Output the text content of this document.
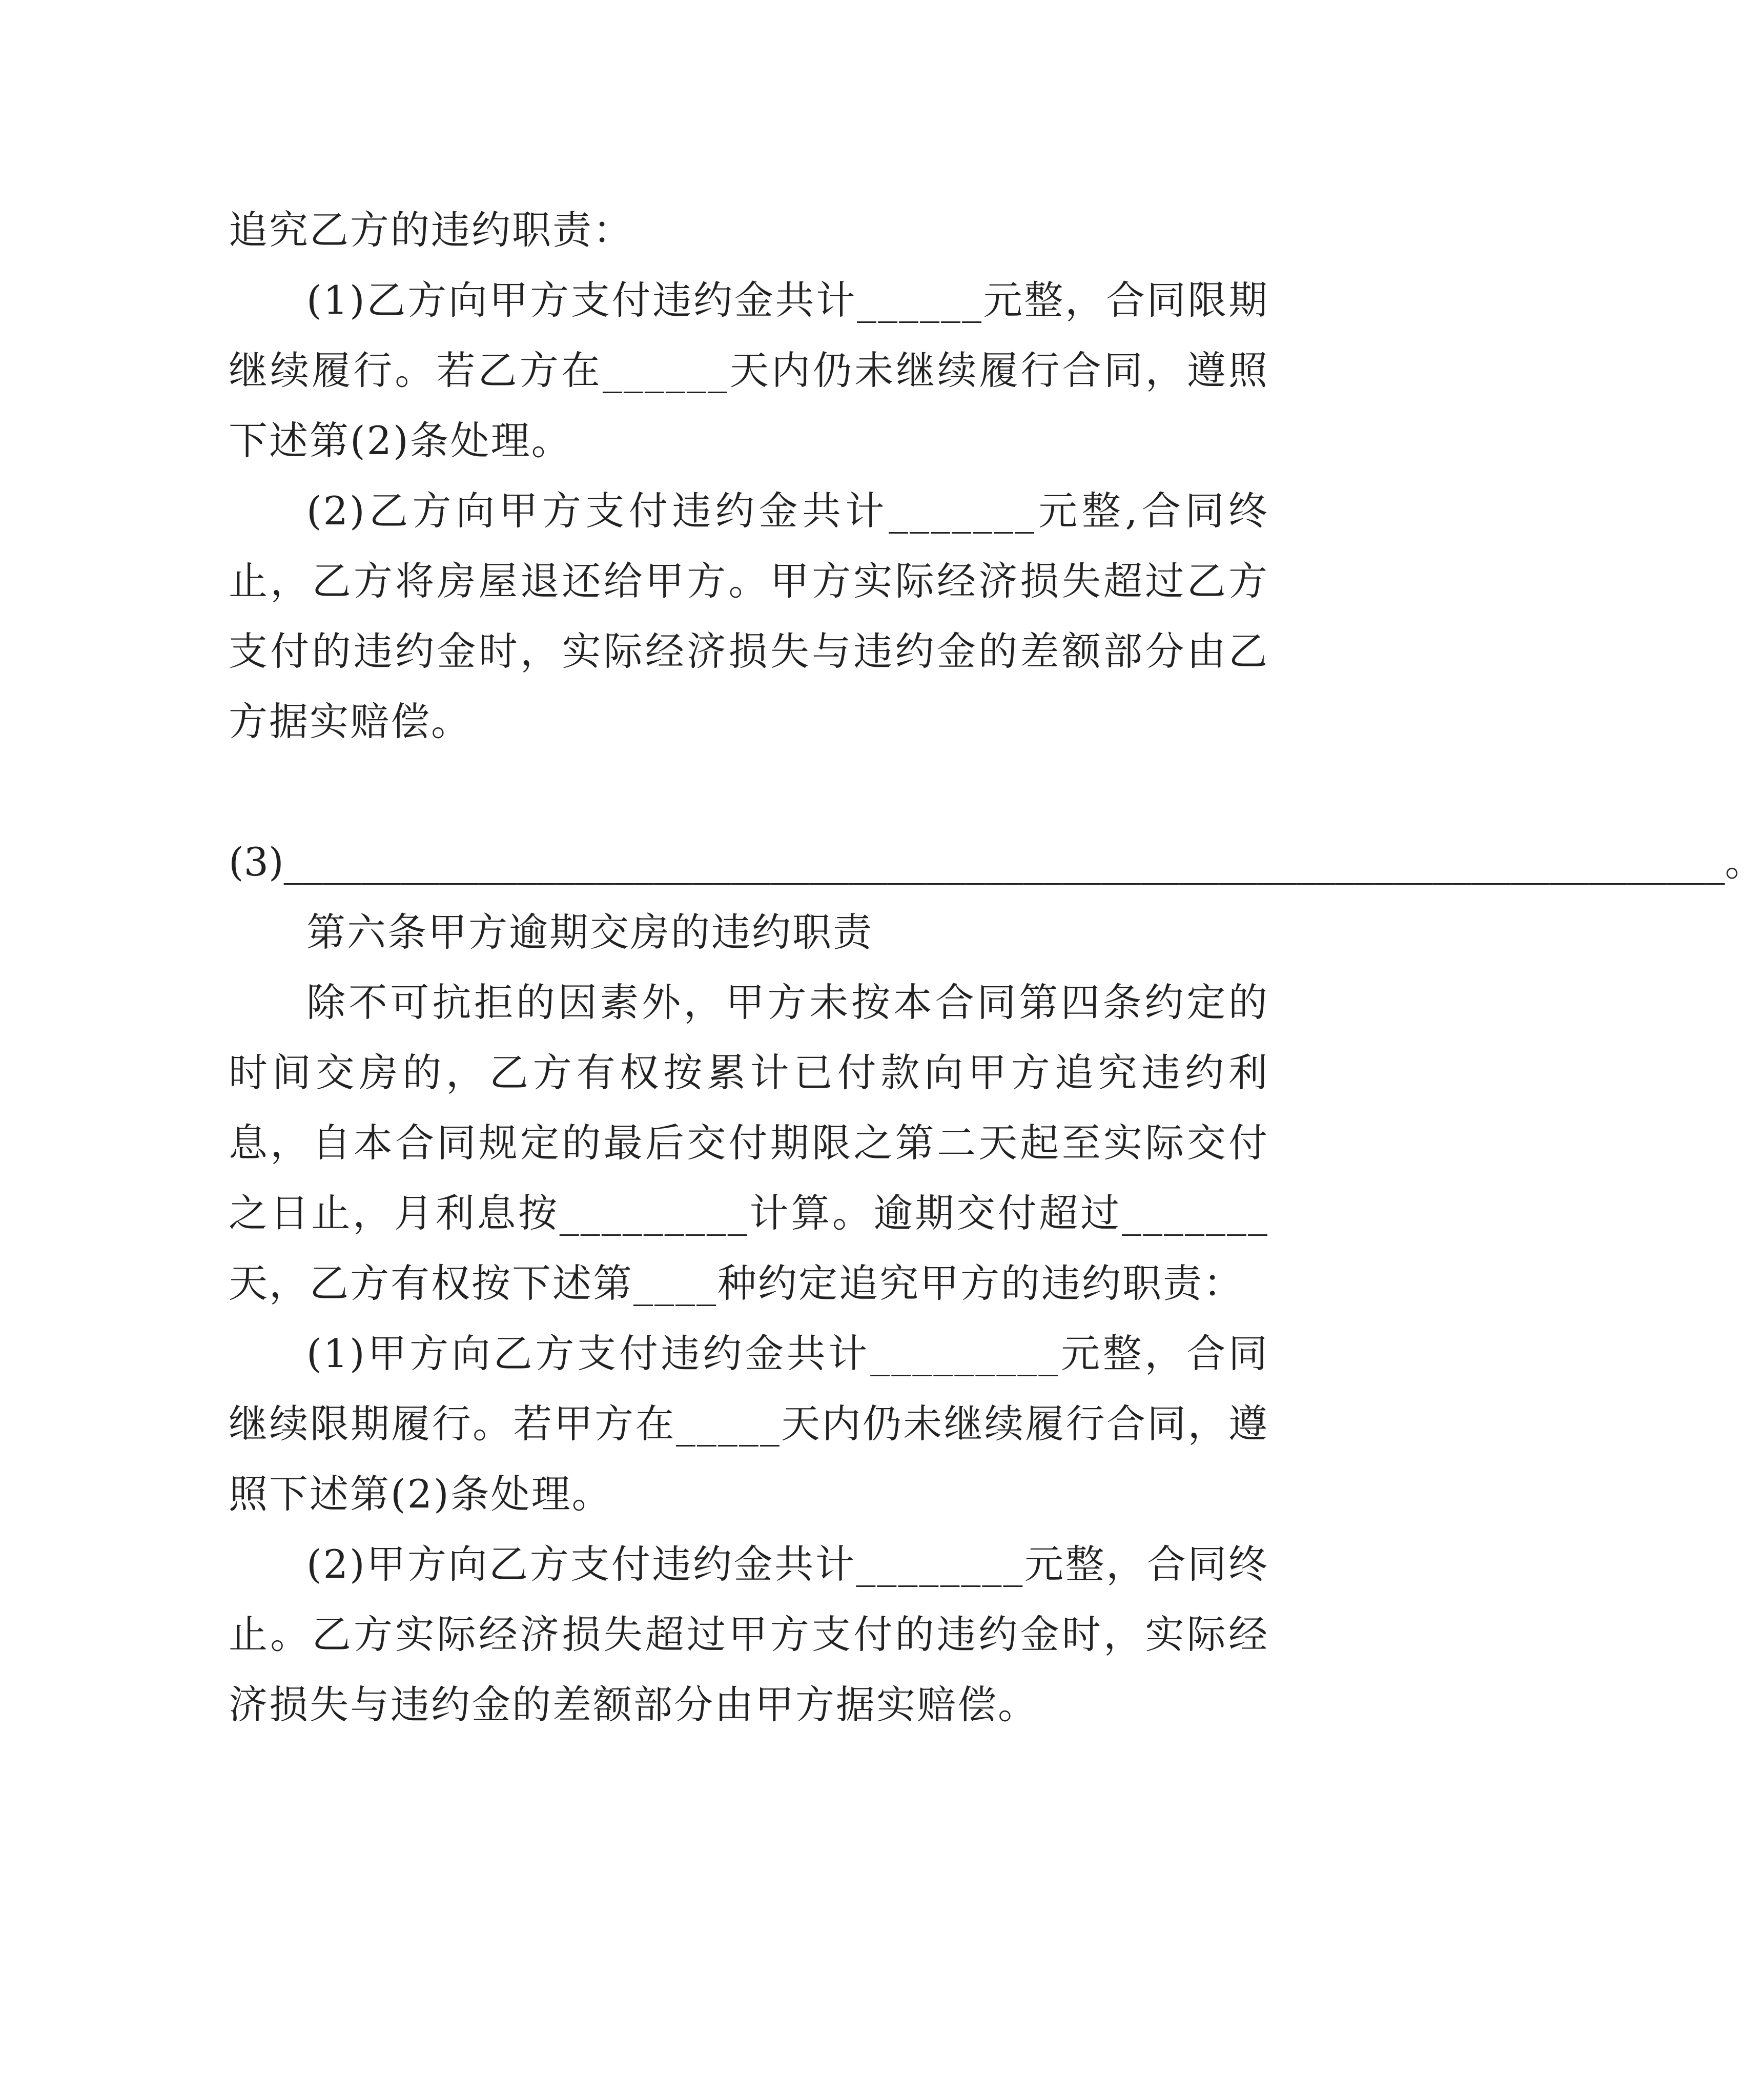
追究乙方的违约职责：

(1)乙方向甲方支付违约金共计______元整，合同限期继续履行。若乙方在______天内仍未继续履行合同，遵照下述第(2)条处理。

(2)乙方向甲方支付违约金共计_______元整,合同终止，乙方将房屋退还给甲方。甲方实际经济损失超过乙方支付的违约金时，实际经济损失与违约金的差额部分由乙方据实赔偿。

(3)__________________________________________________________________________。

第六条甲方逾期交房的违约职责

除不可抗拒的因素外，甲方未按本合同第四条约定的时间交房的，乙方有权按累计已付款向甲方追究违约利息，自本合同规定的最后交付期限之第二天起至实际交付之日止，月利息按_________计算。逾期交付超过_______天，乙方有权按下述第____种约定追究甲方的违约职责：

(1)甲方向乙方支付违约金共计_________元整，合同继续限期履行。若甲方在_____天内仍未继续履行合同，遵照下述第(2)条处理。

(2)甲方向乙方支付违约金共计________元整，合同终止。乙方实际经济损失超过甲方支付的违约金时，实际经济损失与违约金的差额部分由甲方据实赔偿。
